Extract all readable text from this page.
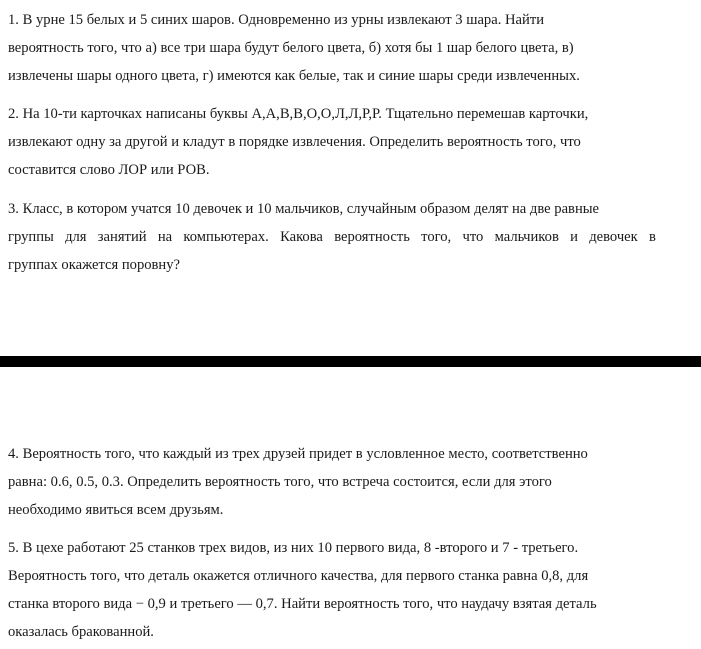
1. В урне 15 белых и 5 синих шаров. Одновременно из урны извлекают 3 шара. Найти
вероятность того, что а) все три шара будут белого цвета, б) хотя бы 1 шар белого цвета, в)
извлечены шары одного цвета, г) имеются как белые, так и синие шары среди извлеченных.
2. На 10-ти карточках написаны буквы А,А,В,В,О,О,Л,Л,Р,Р. Тщательно перемешав карточки,
извлекают одну за другой и кладут в порядке извлечения. Определить вероятность того, что
составится слово ЛОР или РОВ.
3. Класс, в котором учатся 10 девочек и 10 мальчиков, случайным образом делят на две равные
группы для занятий на компьютерах. Какова вероятность того, что мальчиков и девочек в
группах окажется поровну?
4. Вероятность того, что каждый из трех друзей придет в условленное место, соответственно
равна: 0.6, 0.5, 0.3. Определить вероятность того, что встреча состоится, если для этого
необходимо явиться всем друзьям.
5. В цехе работают 25 станков трех видов, из них 10 первого вида, 8 -второго и 7 - третьего.
Вероятность того, что деталь окажется отличного качества, для первого станка равна 0,8, для
станка второго вида − 0,9 и третьего — 0,7. Найти вероятность того, что наудачу взятая деталь
оказалась бракованной.
